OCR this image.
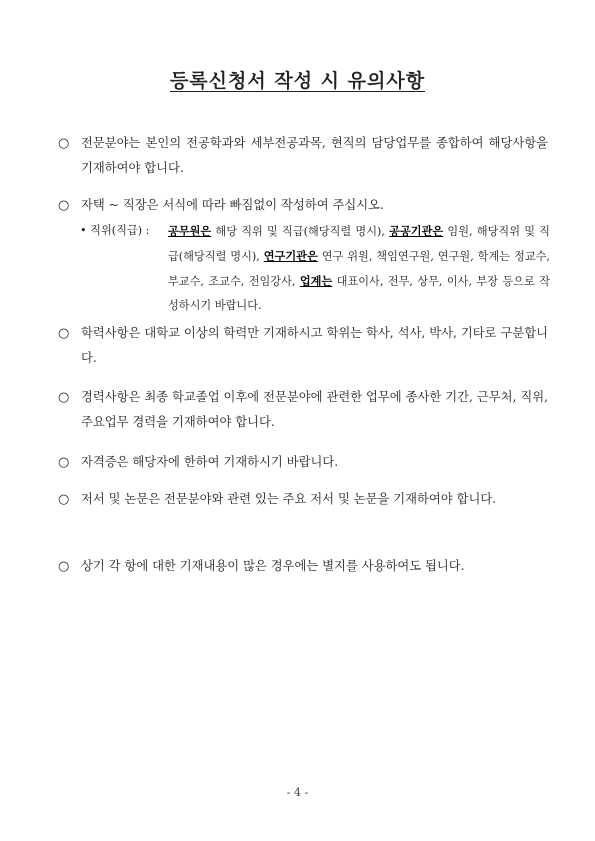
등록신청서 작성 시 유의사항
○ 전문분야는 본인의 전공학과와 세부전공과목, 현직의 담당업무를 종합하여 해당사항을 기재하여야 합니다.
○ 자택 ~ 직장은 서식에 따라 빠짐없이 작성하여 주십시오.
• 직위(직급) : 공무원은 해당 직위 및 직급(해당직렬 명시), 공공기관은 임원, 해당직위 및 직급(해당직렬 명시), 연구기관은 연구 위원, 책임연구원, 연구원, 학계는 정교수, 부교수, 조교수, 전임강사, 업계는 대표이사, 전무, 상무, 이사, 부장 등으로 작성하시기 바랍니다.
○ 학력사항은 대학교 이상의 학력만 기재하시고 학위는 학사, 석사, 박사, 기타로 구분합니다.
○ 경력사항은 최종 학교졸업 이후에 전문분야에 관련한 업무에 종사한 기간, 근무처, 직위, 주요업무 경력을 기재하여야 합니다.
○ 자격증은 해당자에 한하여 기재하시기 바랍니다.
○ 저서 및 논문은 전문분야와 관련 있는 주요 저서 및 논문을 기재하여야 합니다.
○ 상기 각 항에 대한 기재내용이 많은 경우에는 별지를 사용하여도 됩니다.
- 4 -
